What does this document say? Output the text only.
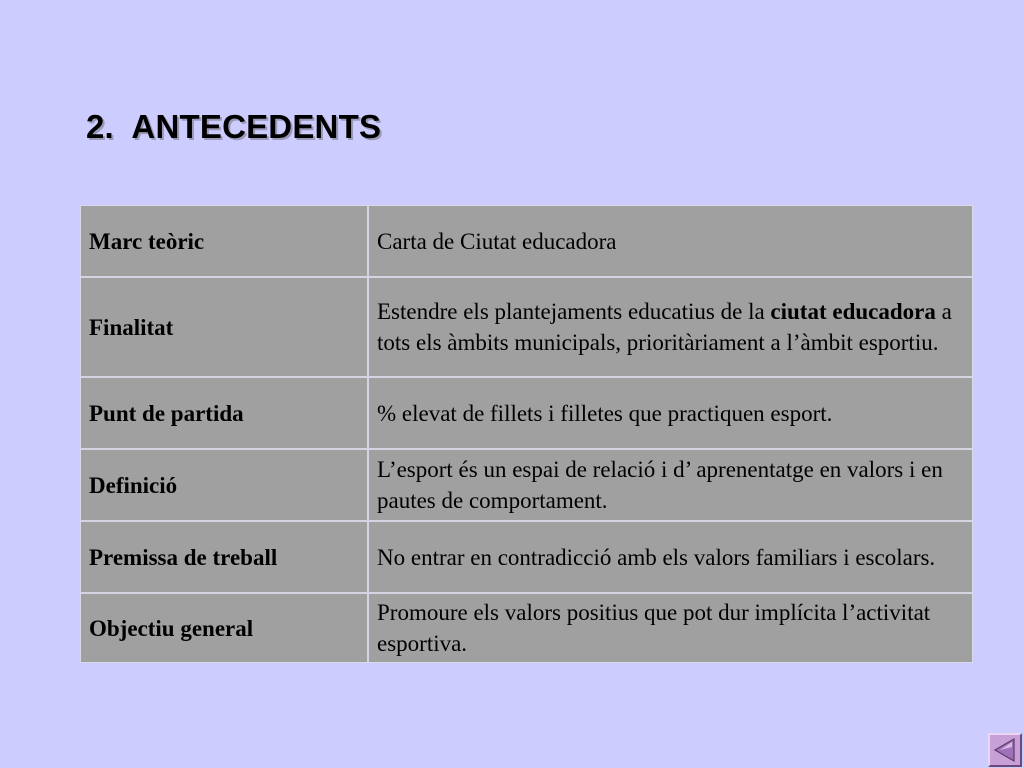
2.  ANTECEDENTS
Marc teòric	Carta de Ciutat educadora
Finalitat	Estendre els plantejaments educatius de la ciutat educadora a tots els àmbits municipals, prioritàriament a l’àmbit esportiu.
Punt de partida	% elevat de fillets i filletes que practiquen esport.
Definició	L’esport és un espai de relació i d’ aprenentatge en valors i en pautes de comportament.
Premissa de treball	No entrar en contradicció amb els valors familiars i escolars.
Objectiu general	Promoure els valors positius que pot dur implícita l’activitat esportiva.
